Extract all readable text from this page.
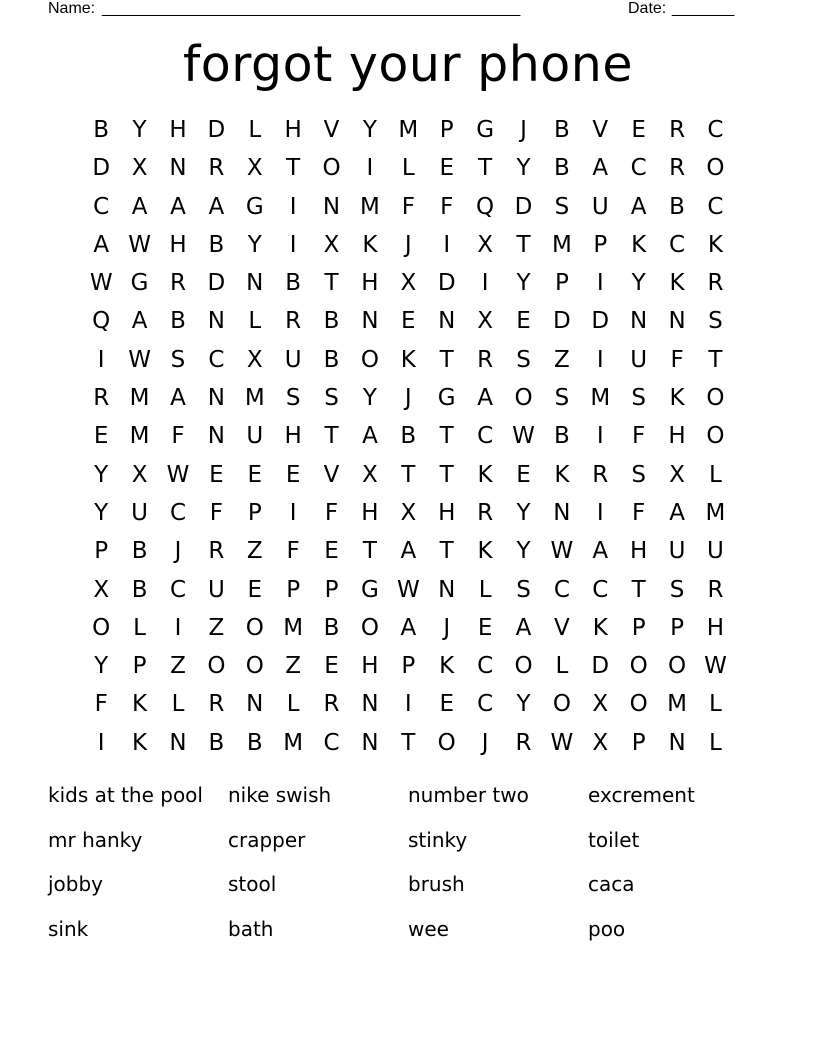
Name: _______________________________________________	Date: _______
forgot your phone
B	Y H D	L	H V	Y M P G	J	B V	E	R C
D X N R X	T O	I	L	E	T	Y	B A C R O
C A A A G	I	N M F	F Q D S U A B C
A W H B	Y	I	X K	J	I	X	T M P	K C K
W G R D N B	T H X D	I	Y	P	I	Y	K R
Q A B N	L	R B N E N X	E D D N N S
I	W S	C X U B O K	T	R	S	Z	I	U	F	T
R M A N M S	S	Y	J	G A O S M S	K O
E M F	N U H T	A B	T	C W B	I	F	H O
Y	X W E	E	E	V X	T	T	K	E	K R	S	X	L
Y U C	F	P	I	F	H X H R	Y N	I	F	A M
P	B	J	R Z	F	E	T	A	T	K	Y W A H U U
X B C U E	P	P G W N	L	S	C C	T	S	R
O L	I	Z O M B O A	J	E	A V K	P	P H
Y	P	Z O O Z	E H P	K C O L	D O O W
F	K	L	R N	L	R N	I	E	C	Y O X O M L
I	K N B B M C N T O	J	R W X	P N	L
kids at the pool	nike swish	number two	excrement
mr hanky	crapper	stinky	toilet
jobby	stool	brush	caca
sink	bath	wee	poo
